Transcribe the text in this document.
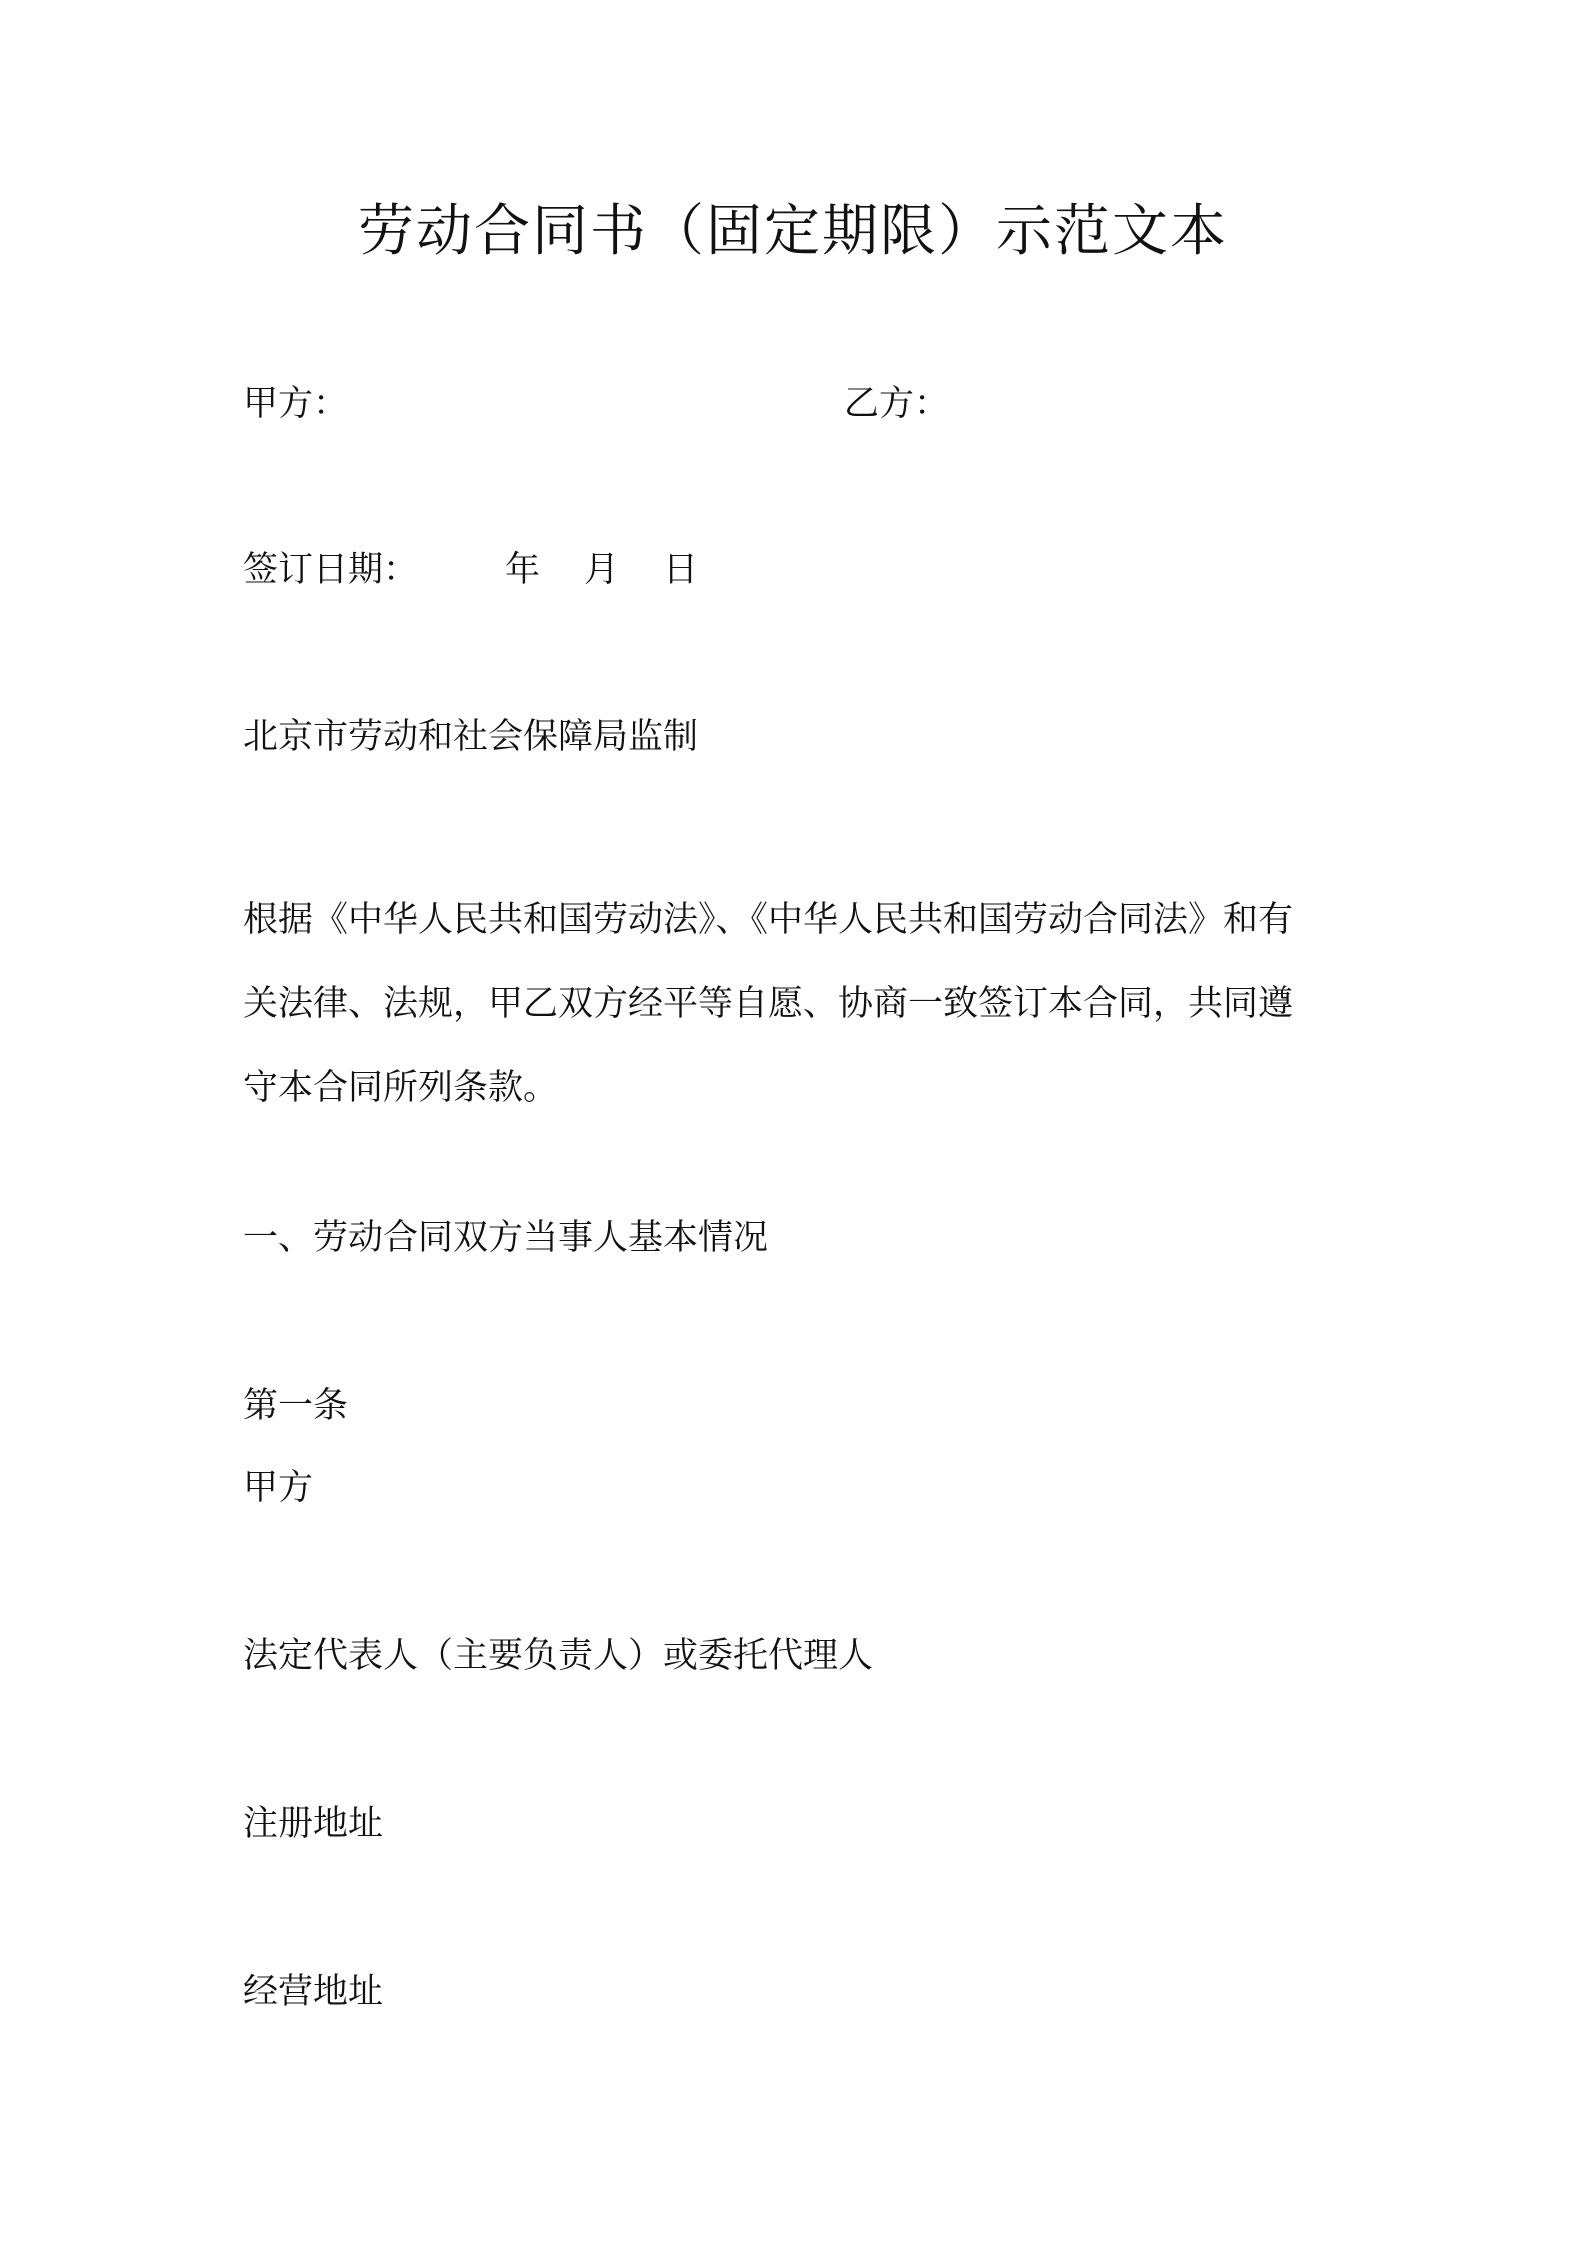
劳动合同书（固定期限）示范文本
甲方：	乙方：
签订日期： 年 月 日
北京市劳动和社会保障局监制
根据《中华人民共和国劳动法》、《中华人民共和国劳动合同法》和有
关法律、法规，甲乙双方经平等自愿、协商一致签订本合同，共同遵
守本合同所列条款。
一、劳动合同双方当事人基本情况
第一条
甲方
法定代表人（主要负责人）或委托代理人
注册地址
经营地址
